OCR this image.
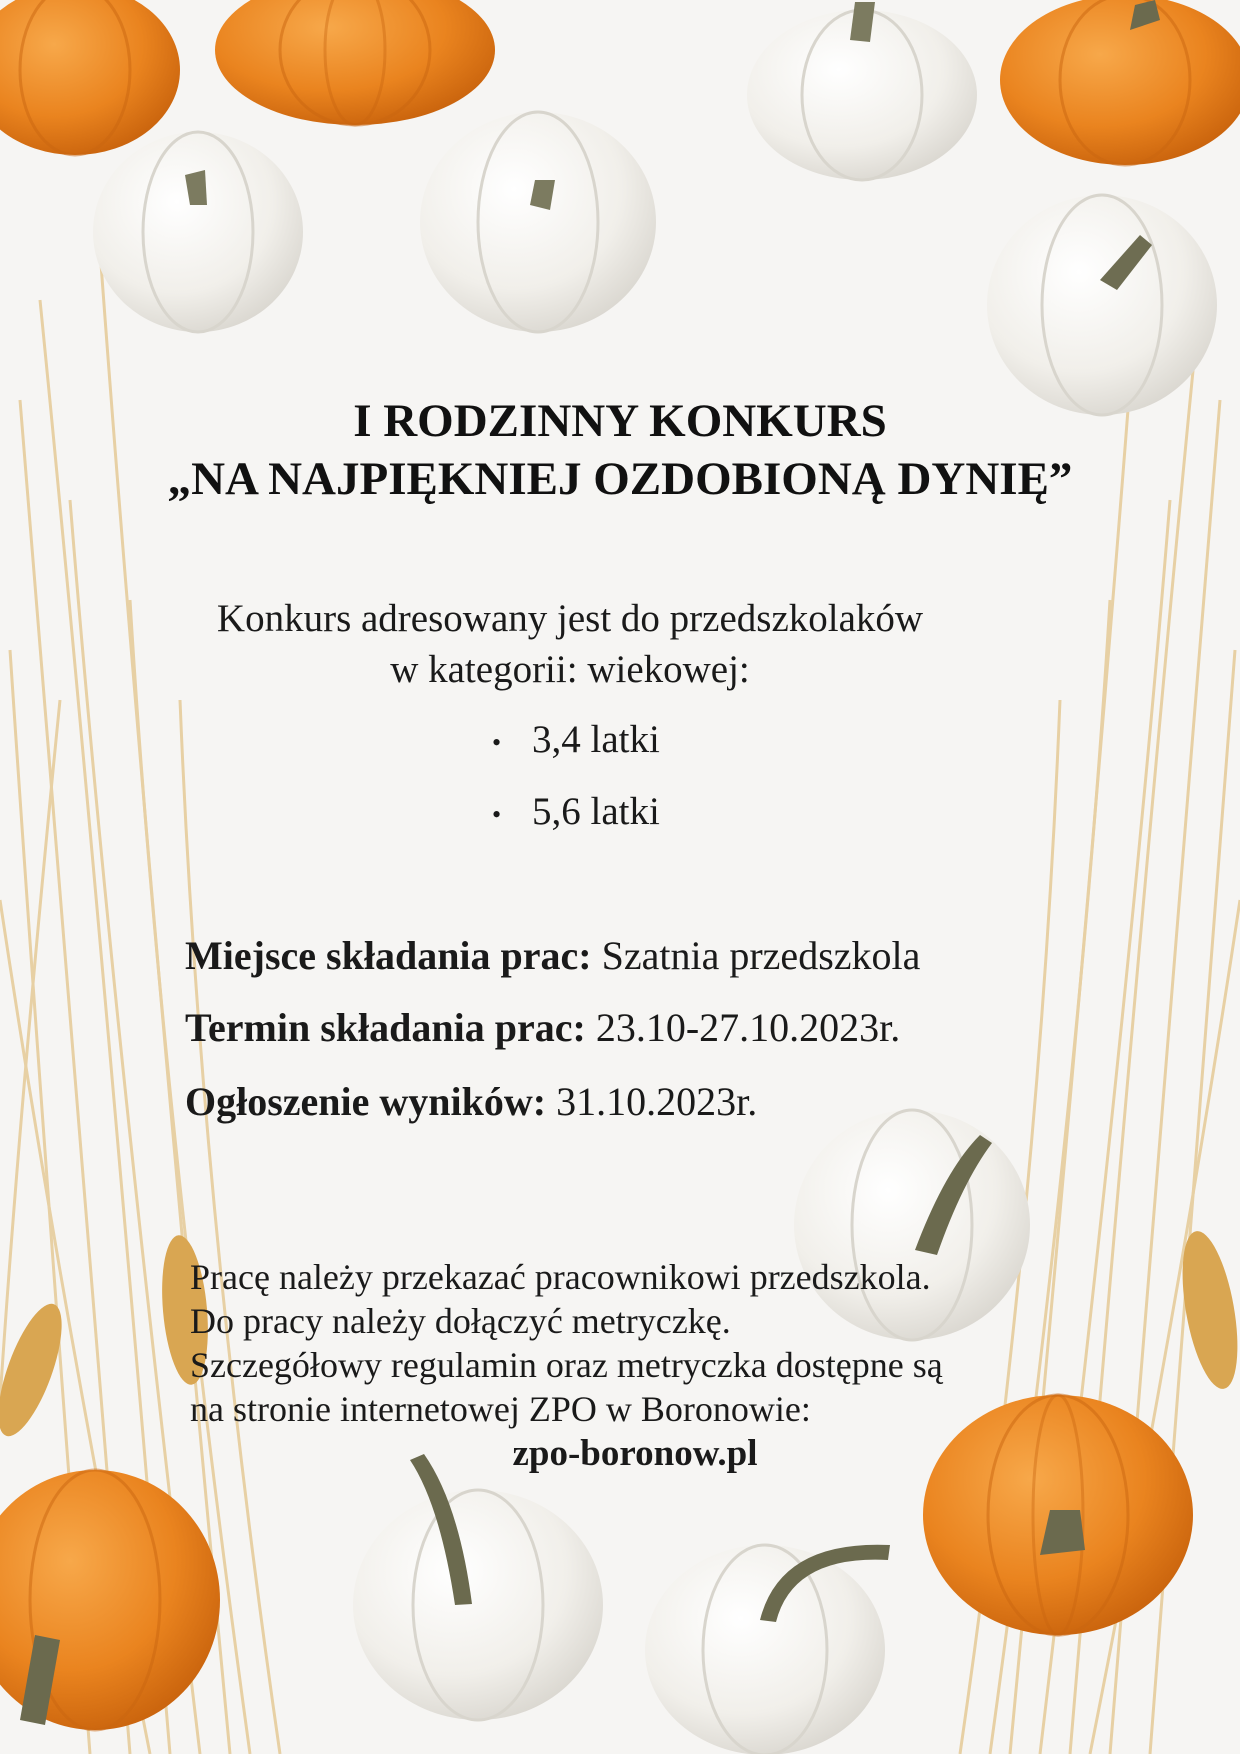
I RODZINNY KONKURS

„NA NAJPIĘKNIEJ OZDOBIONĄ DYNIĘ”

Konkurs adresowany jest do przedszkolaków

w kategorii: wiekowej:

• 3,4 latki

• 5,6 latki

Miejsce składania prac: Szatnia przedszkola

Termin składania prac: 23.10-27.10.2023r.

Ogłoszenie wyników: 31.10.2023r.

Pracę należy przekazać pracownikowi przedszkola.

Do pracy należy dołączyć metryczkę.

Szczegółowy regulamin oraz metryczka dostępne są

na stronie internetowej ZPO w Boronowie:

zpo-boronow.pl
